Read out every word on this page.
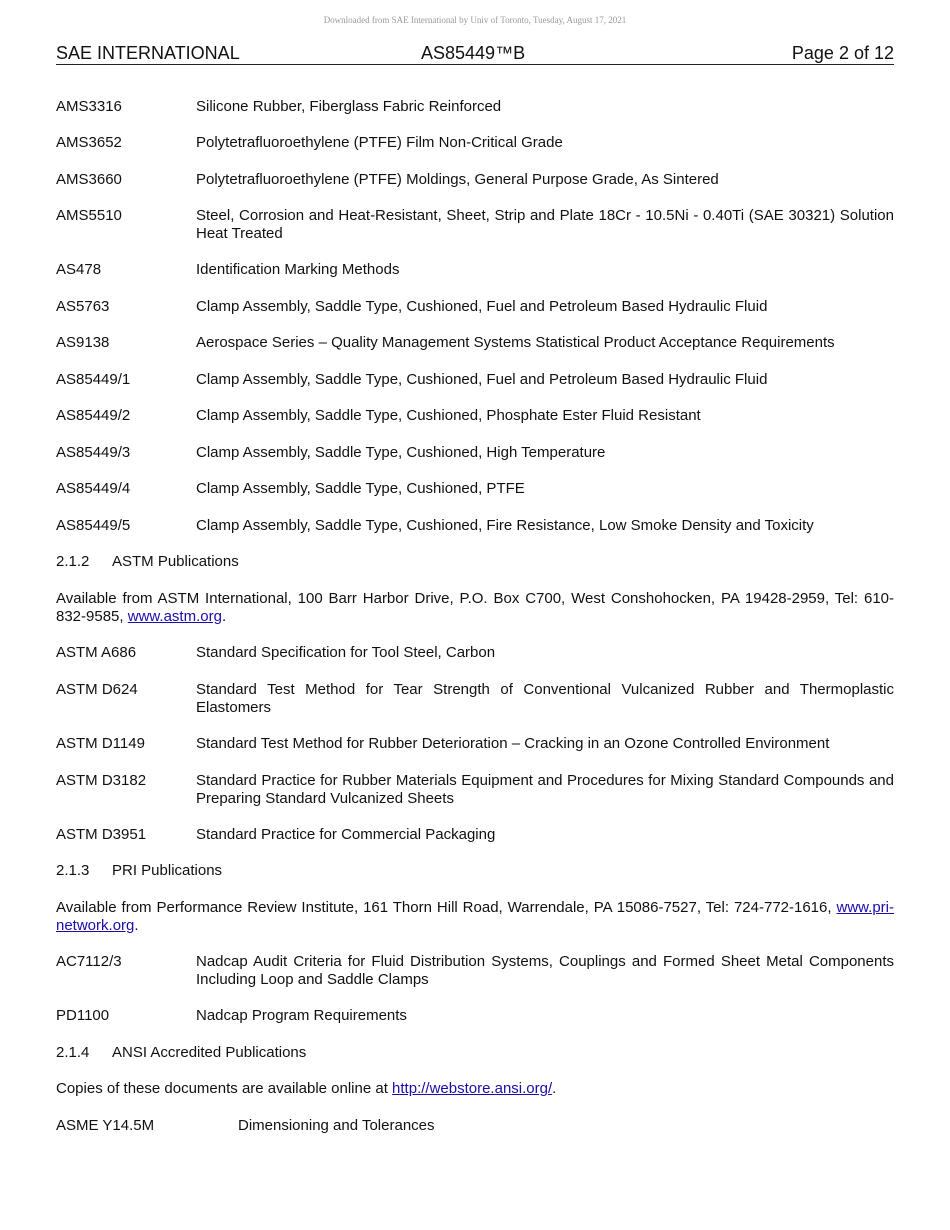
Downloaded from SAE International by Univ of Toronto, Tuesday, August 17, 2021
SAE INTERNATIONAL	AS85449™B	Page 2 of 12
AMS3316	Silicone Rubber, Fiberglass Fabric Reinforced
AMS3652	Polytetrafluoroethylene (PTFE) Film Non-Critical Grade
AMS3660	Polytetrafluoroethylene (PTFE) Moldings, General Purpose Grade, As Sintered
AMS5510	Steel, Corrosion and Heat-Resistant, Sheet, Strip and Plate 18Cr - 10.5Ni - 0.40Ti (SAE 30321) Solution Heat Treated
AS478	Identification Marking Methods
AS5763	Clamp Assembly, Saddle Type, Cushioned, Fuel and Petroleum Based Hydraulic Fluid
AS9138	Aerospace Series – Quality Management Systems Statistical Product Acceptance Requirements
AS85449/1	Clamp Assembly, Saddle Type, Cushioned, Fuel and Petroleum Based Hydraulic Fluid
AS85449/2	Clamp Assembly, Saddle Type, Cushioned, Phosphate Ester Fluid Resistant
AS85449/3	Clamp Assembly, Saddle Type, Cushioned, High Temperature
AS85449/4	Clamp Assembly, Saddle Type, Cushioned, PTFE
AS85449/5	Clamp Assembly, Saddle Type, Cushioned, Fire Resistance, Low Smoke Density and Toxicity
2.1.2 ASTM Publications
Available from ASTM International, 100 Barr Harbor Drive, P.O. Box C700, West Conshohocken, PA 19428-2959, Tel: 610-832-9585, www.astm.org.
ASTM A686	Standard Specification for Tool Steel, Carbon
ASTM D624	Standard Test Method for Tear Strength of Conventional Vulcanized Rubber and Thermoplastic Elastomers
ASTM D1149	Standard Test Method for Rubber Deterioration – Cracking in an Ozone Controlled Environment
ASTM D3182	Standard Practice for Rubber Materials Equipment and Procedures for Mixing Standard Compounds and Preparing Standard Vulcanized Sheets
ASTM D3951	Standard Practice for Commercial Packaging
2.1.3 PRI Publications
Available from Performance Review Institute, 161 Thorn Hill Road, Warrendale, PA 15086-7527, Tel: 724-772-1616, www.pri-network.org.
AC7112/3	Nadcap Audit Criteria for Fluid Distribution Systems, Couplings and Formed Sheet Metal Components Including Loop and Saddle Clamps
PD1100	Nadcap Program Requirements
2.1.4 ANSI Accredited Publications
Copies of these documents are available online at http://webstore.ansi.org/.
ASME Y14.5M	Dimensioning and Tolerances
